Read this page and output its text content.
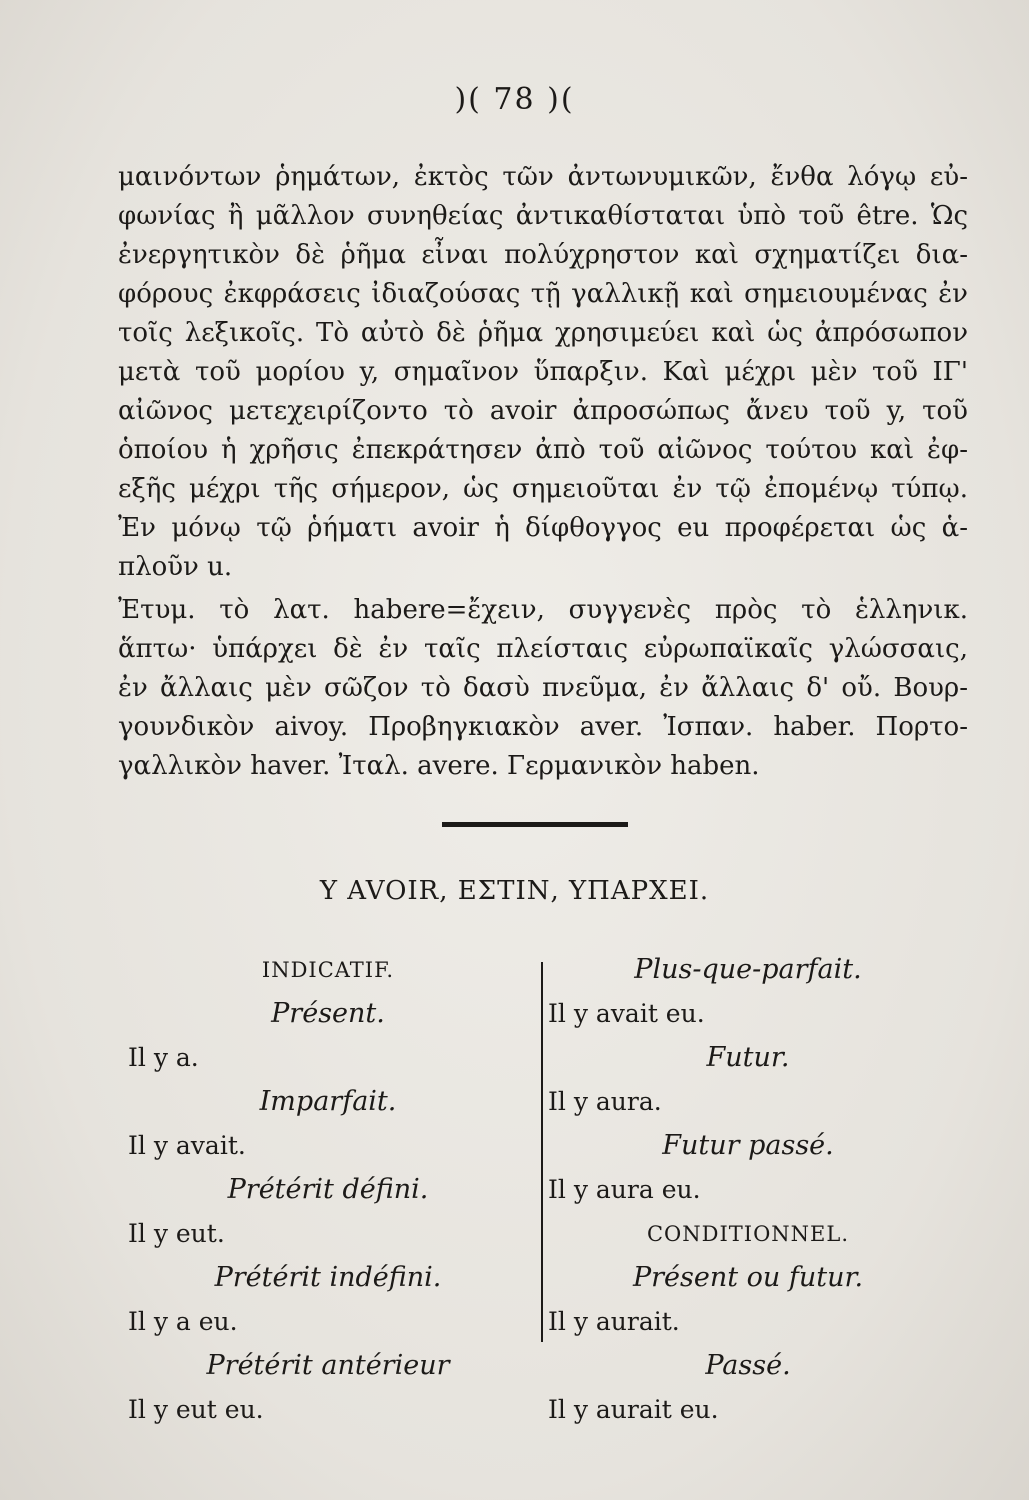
)( 78 )(
μαινόντων ῥημάτων, ἐκτὸς τῶν ἀντωνυμικῶν, ἔνθα λόγῳ εὐ-
φωνίας ἢ μᾶλλον συνηθείας ἀντικαθίσταται ὑπὸ τοῦ être. Ὡς
ἐνεργητικὸν δὲ ῥῆμα εἶναι πολύχρηστον καὶ σχηματίζει δια-
φόρους ἐκφράσεις ἰδιαζούσας τῇ γαλλικῇ καὶ σημειουμένας ἐν
τοῖς λεξικοῖς. Τὸ αὐτὸ δὲ ῥῆμα χρησιμεύει καὶ ὡς ἀπρόσωπον
μετὰ τοῦ μορίου y, σημαῖνον ὕπαρξιν. Καὶ μέχρι μὲν τοῦ ΙΓ'
αἰῶνος μετεχειρίζοντο τὸ avoir ἀπροσώπως ἄνευ τοῦ y, τοῦ
ὁποίου ἡ χρῆσις ἐπεκράτησεν ἀπὸ τοῦ αἰῶνος τούτου καὶ ἐφ-
εξῆς μέχρι τῆς σήμερον, ὡς σημειοῦται ἐν τῷ ἐπομένῳ τύπῳ.
Ἐν μόνῳ τῷ ῥήματι avoir ἡ δίφθογγος eu προφέρεται ὡς ἁ-
πλοῦν u.
Ἐτυμ. τὸ λατ. habere=ἔχειν, συγγενὲς πρὸς τὸ ἑλληνικ.
ἅπτω· ὑπάρχει δὲ ἐν ταῖς πλείσταις εὐρωπαϊκαῖς γλώσσαις,
ἐν ἄλλαις μὲν σῶζον τὸ δασὺ πνεῦμα, ἐν ἄλλαις δ' οὔ. Βουρ-
γουνδικὸν aivoy. Προβηγκιακὸν aver. Ἰσπαν. haber. Πορτο-
γαλλικὸν haver. Ἰταλ. avere. Γερμανικὸν haben.
Y AVOIR, ΕΣΤΙΝ, ΥΠΑΡΧΕΙ.
INDICATIF.
Présent.
Il y a.
Imparfait.
Il y avait.
Prétérit défini.
Il y eut.
Prétérit indéfini.
Il y a eu.
Prétérit antérieur
Il y eut eu.
Plus-que-parfait.
Il y avait eu.
Futur.
Il y aura.
Futur passé.
Il y aura eu.
CONDITIONNEL.
Présent ou futur.
Il y aurait.
Passé.
Il y aurait eu.
